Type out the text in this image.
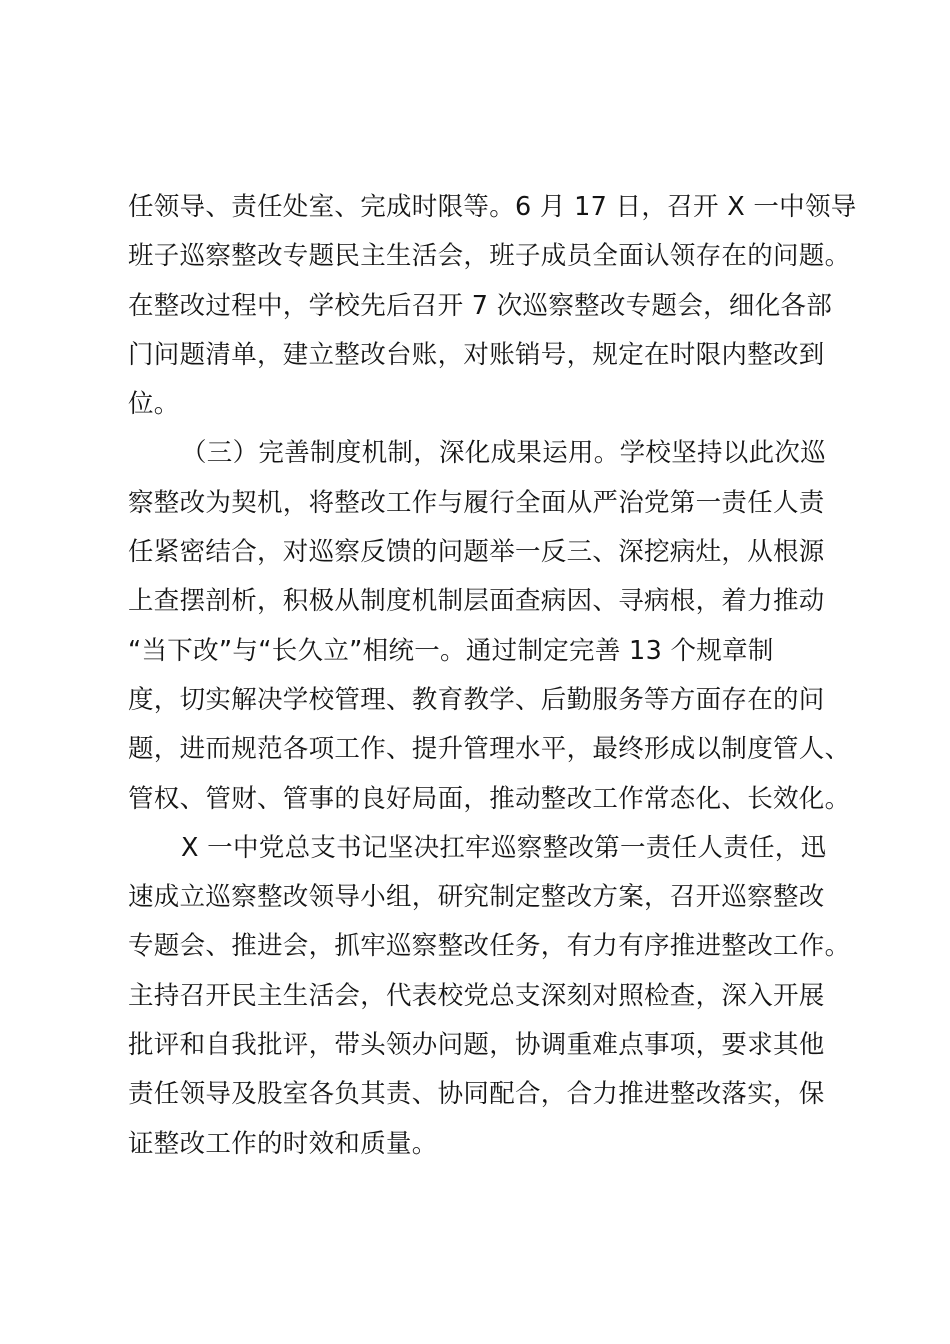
任领导、责任处室、完成时限等。6 月 17 日，召开 X 一中领导
班子巡察整改专题民主生活会，班子成员全面认领存在的问题。
在整改过程中，学校先后召开 7 次巡察整改专题会，细化各部
门问题清单，建立整改台账，对账销号，规定在时限内整改到
位。
（三）完善制度机制，深化成果运用。学校坚持以此次巡
察整改为契机，将整改工作与履行全面从严治党第一责任人责
任紧密结合，对巡察反馈的问题举一反三、深挖病灶，从根源
上查摆剖析，积极从制度机制层面查病因、寻病根，着力推动
“当下改”与“长久立”相统一。通过制定完善 13 个规章制
度，切实解决学校管理、教育教学、后勤服务等方面存在的问
题，进而规范各项工作、提升管理水平，最终形成以制度管人、
管权、管财、管事的良好局面，推动整改工作常态化、长效化。
X 一中党总支书记坚决扛牢巡察整改第一责任人责任，迅
速成立巡察整改领导小组，研究制定整改方案，召开巡察整改
专题会、推进会，抓牢巡察整改任务，有力有序推进整改工作。
主持召开民主生活会，代表校党总支深刻对照检查，深入开展
批评和自我批评，带头领办问题，协调重难点事项，要求其他
责任领导及股室各负其责、协同配合，合力推进整改落实，保
证整改工作的时效和质量。
